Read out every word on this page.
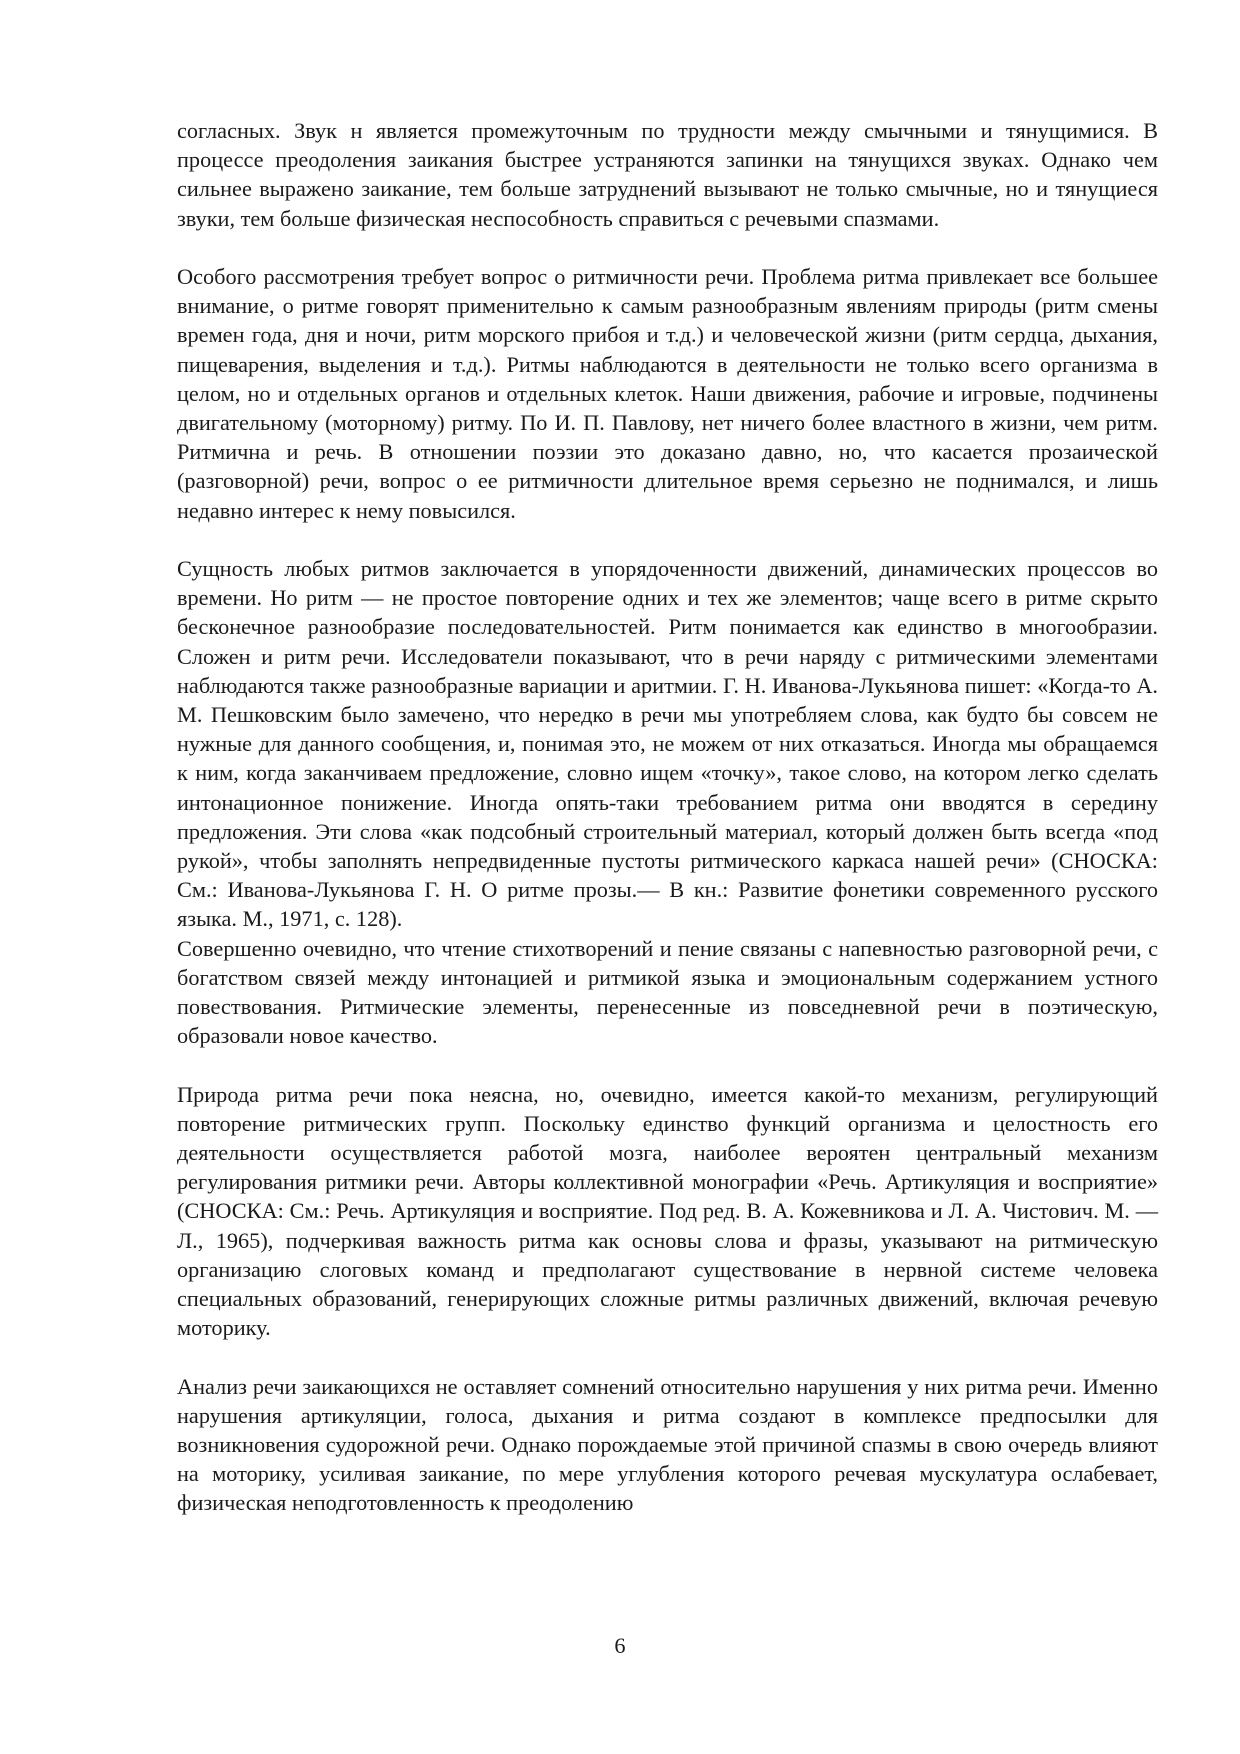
согласных. Звук н является промежуточным по трудности между смычными и тянущимися. В процессе преодоления заикания быстрее устраняются запинки на тянущихся звуках. Однако чем сильнее выражено заикание, тем больше затруднений вызывают не только смычные, но и тянущиеся звуки, тем больше физическая неспособность справиться с речевыми спазмами.

Особого рассмотрения требует вопрос о ритмичности речи. Проблема ритма привлекает все большее внимание, о ритме говорят применительно к самым разнообразным явлениям природы (ритм смены времен года, дня и ночи, ритм морского прибоя и т.д.) и человеческой жизни (ритм сердца, дыхания, пищеварения, выделения и т.д.). Ритмы наблюдаются в деятельности не только всего организма в целом, но и отдельных органов и отдельных клеток. Наши движения, рабочие и игровые, подчинены двигательному (моторному) ритму. По И. П. Павлову, нет ничего более властного в жизни, чем ритм. Ритмична и речь. В отношении поэзии это доказано давно, но, что касается прозаической (разговорной) речи, вопрос о ее ритмичности длительное время серьезно не поднимался, и лишь недавно интерес к нему повысился.

Сущность любых ритмов заключается в упорядоченности движений, динамических процессов во времени. Но ритм — не простое повторение одних и тех же элементов; чаще всего в ритме скрыто бесконечное разнообразие последовательностей. Ритм понимается как единство в многообразии. Сложен и ритм речи. Исследователи показывают, что в речи наряду с ритмическими элементами наблюдаются также разнообразные вариации и аритмии. Г. Н. Иванова-Лукьянова пишет: «Когда-то А. М. Пешковским было замечено, что нередко в речи мы употребляем слова, как будто бы совсем не нужные для данного сообщения, и, понимая это, не можем от них отказаться. Иногда мы обращаемся к ним, когда заканчиваем предложение, словно ищем «точку», такое слово, на котором легко сделать интонационное понижение. Иногда опять-таки требованием ритма они вводятся в середину предложения. Эти слова «как подсобный строительный материал, который должен быть всегда «под рукой», чтобы заполнять непредвиденные пустоты ритмического каркаса нашей речи» (СНОСКА: См.: Иванова-Лукьянова Г. Н. О ритме прозы.— В кн.: Развитие фонетики современного русского языка. М., 1971, с. 128).

Совершенно очевидно, что чтение стихотворений и пение связаны с напевностью разговорной речи, с богатством связей между интонацией и ритмикой языка и эмоциональным содержанием устного повествования. Ритмические элементы, перенесенные из повседневной речи в поэтическую, образовали новое качество.

Природа ритма речи пока неясна, но, очевидно, имеется какой-то механизм, регулирующий повторение ритмических групп. Поскольку единство функций организма и целостность его деятельности осуществляется работой мозга, наиболее вероятен центральный механизм регулирования ритмики речи. Авторы коллективной монографии «Речь. Артикуляция и восприятие» (СНОСКА: См.: Речь. Артикуляция и восприятие. Под ред. В. А. Кожевникова и Л. А. Чистович. М. — Л., 1965), подчеркивая важность ритма как основы слова и фразы, указывают на ритмическую организацию слоговых команд и предполагают существование в нервной системе человека специальных образований, генерирующих сложные ритмы различных движений, включая речевую моторику.

Анализ речи заикающихся не оставляет сомнений относительно нарушения у них ритма речи. Именно нарушения артикуляции, голоса, дыхания и ритма создают в комплексе предпосылки для возникновения судорожной речи. Однако порождаемые этой причиной спазмы в свою очередь влияют на моторику, усиливая заикание, по мере углубления которого речевая мускулатура ослабевает, физическая неподготовленность к преодолению

6
